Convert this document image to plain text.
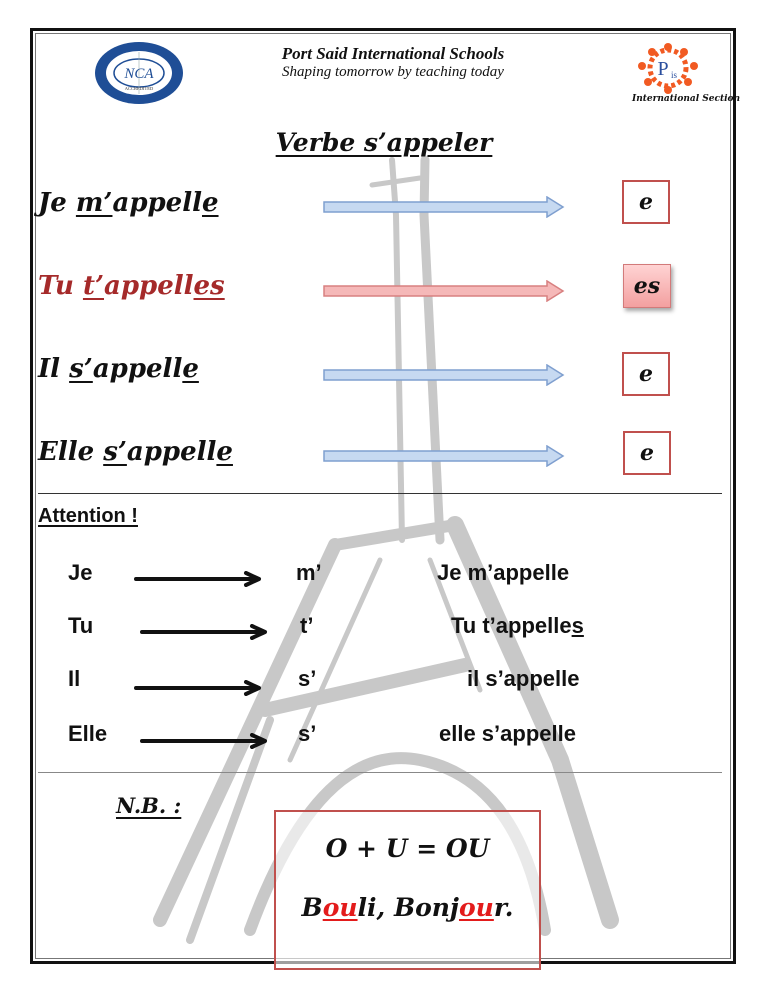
NCA
ACCREDITED
Port Said International Schools
Shaping tomorrow by teaching today	P is
International Section
Verbe s’appeler
Je m’appelle
Tu t’appelles
Il s’appelle
Elle s’appelle
e
es
e
e
Attention !
Je
Tu
Il
Elle
m’
t’
s’
s’
Je m’appelle
Tu t’appelles
il s’appelle
elle s’appelle
N.B. :
O + U = OU
Bouli, Bonjour.
